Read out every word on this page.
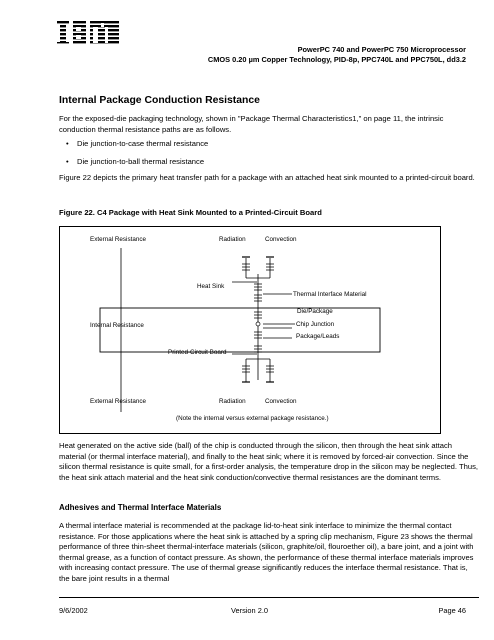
PowerPC 740 and PowerPC 750 Microprocessor
CMOS 0.20 µm Copper Technology, PID-8p, PPC740L and PPC750L, dd3.2
Internal Package Conduction Resistance
For the exposed-die packaging technology, shown in "Package Thermal Characteristics1," on page 11, the intrinsic conduction thermal resistance paths are as follows.
• Die junction-to-case thermal resistance
• Die junction-to-ball thermal resistance
Figure 22 depicts the primary heat transfer path for a package with an attached heat sink mounted to a printed-circuit board.
Figure 22. C4 Package with Heat Sink Mounted to a Printed-Circuit Board
External Resistance	Radiation	Convection
Heat Sink
Thermal Interface Material
Internal Resistance
Die/Package
Chip Junction
Package/Leads
Printed-Circuit Board
External Resistance	Radiation	Convection
(Note the internal versus external package resistance.)
Heat generated on the active side (ball) of the chip is conducted through the silicon, then through the heat sink attach material (or thermal interface material), and finally to the heat sink; where it is removed by forced-air convection. Since the silicon thermal resistance is quite small, for a first-order analysis, the temperature drop in the silicon may be neglected. Thus, the heat sink attach material and the heat sink conduction/convective thermal resistances are the dominant terms.
Adhesives and Thermal Interface Materials
A thermal interface material is recommended at the package lid-to-heat sink interface to minimize the thermal contact resistance. For those applications where the heat sink is attached by a spring clip mechanism, Figure 23 shows the thermal performance of three thin-sheet thermal-interface materials (silicon, graphite/oil, flouroether oil), a bare joint, and a joint with thermal grease, as a function of contact pressure. As shown, the performance of these thermal interface materials improves with increasing contact pressure. The use of thermal grease significantly reduces the interface thermal resistance. That is, the bare joint results in a thermal
9/6/2002	Version 2.0	Page 46
